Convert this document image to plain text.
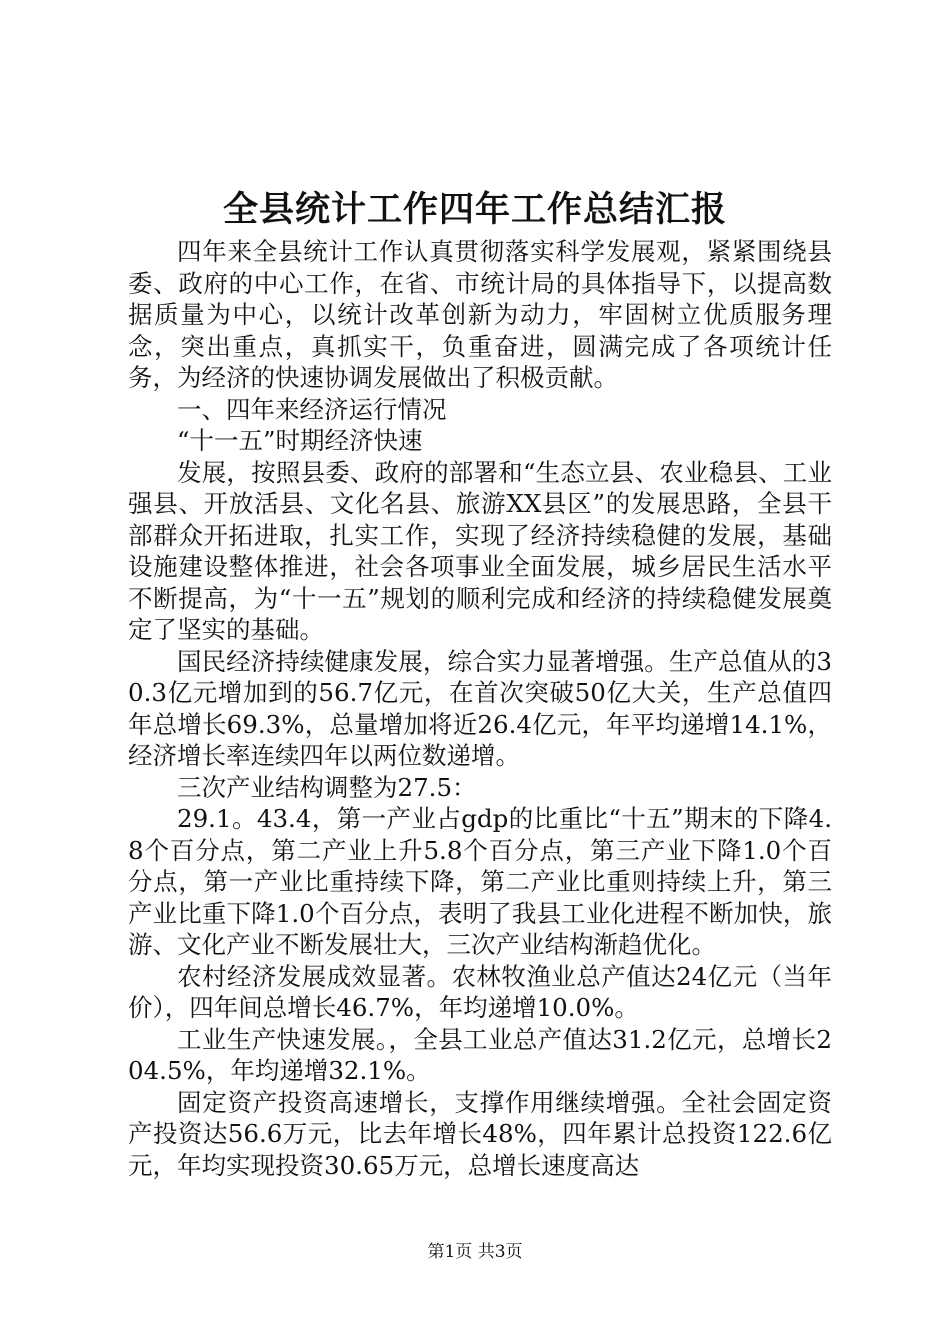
全县统计工作四年工作总结汇报

四年来全县统计工作认真贯彻落实科学发展观，紧紧围绕县委、政府的中心工作，在省、市统计局的具体指导下，以提高数据质量为中心，以统计改革创新为动力，牢固树立优质服务理念，突出重点，真抓实干，负重奋进，圆满完成了各项统计任务，为经济的快速协调发展做出了积极贡献。

一、四年来经济运行情况

“十一五”时期经济快速

发展，按照县委、政府的部署和“生态立县、农业稳县、工业强县、开放活县、文化名县、旅游XX县区”的发展思路，全县干部群众开拓进取，扎实工作，实现了经济持续稳健的发展，基础设施建设整体推进，社会各项事业全面发展，城乡居民生活水平不断提高，为“十一五”规划的顺利完成和经济的持续稳健发展奠定了坚实的基础。

国民经济持续健康发展，综合实力显著增强。生产总值从的30.3亿元增加到的56.7亿元，在首次突破50亿大关，生产总值四年总增长69.3%，总量增加将近26.4亿元，年平均递增14.1%，经济增长率连续四年以两位数递增。

三次产业结构调整为27.5：

29.1。43.4，第一产业占gdp的比重比“十五”期末的下降4.8个百分点，第二产业上升5.8个百分点，第三产业下降1.0个百分点，第一产业比重持续下降，第二产业比重则持续上升，第三产业比重下降1.0个百分点，表明了我县工业化进程不断加快，旅游、文化产业不断发展壮大，三次产业结构渐趋优化。

农村经济发展成效显著。农林牧渔业总产值达24亿元（当年价），四年间总增长46.7%，年均递增10.0%。

工业生产快速发展。，全县工业总产值达31.2亿元，总增长204.5%，年均递增32.1%。

固定资产投资高速增长，支撑作用继续增强。全社会固定资产投资达56.6万元，比去年增长48%，四年累计总投资122.6亿元，年均实现投资30.65万元，总增长速度高达

第1页 共3页
